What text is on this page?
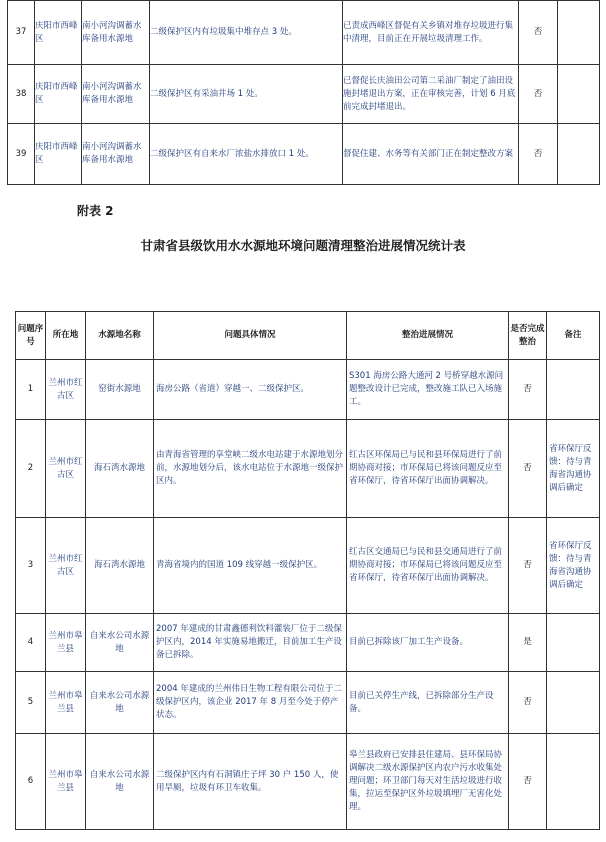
37	庆阳市西峰区	南小河沟调蓄水库备用水源地	二级保护区内有垃圾集中堆存点 3 处。	已责成西峰区督促有关乡镇对堆存垃圾进行集中清理，目前正在开展垃圾清理工作。	否	
38	庆阳市西峰区	南小河沟调蓄水库备用水源地	二级保护区有采油井场 1 处。	已督促长庆油田公司第二采油厂制定了油田设施封堵退出方案，正在审核完善，计划 6 月底前完成封堵退出。	否	
39	庆阳市西峰区	南小河沟调蓄水库备用水源地	二级保护区有自来水厂浓盐水排放口 1 处。	督促住建、水务等有关部门正在制定整改方案	否	
附表 2
甘肃省县级饮用水水源地环境问题清理整治进展情况统计表
问题序号	所在地	水源地名称	问题具体情况	整治进展情况	是否完成整治	备注
1	兰州市红古区	窑街水源地	海房公路（省道）穿越一、二级保护区。	S301 海房公路大通河 2 号桥穿越水源问题整改设计已完成，整改施工队已入场施工。	否	
2	兰州市红古区	海石湾水源地	由青海省管理的享堂峡二级水电站建于水源地划分前，水源地划分后，该水电站位于水源地一级保护区内。	红古区环保局已与民和县环保局进行了前期协商对接；市环保局已将该问题反应至省环保厅，待省环保厅出面协调解决。	否	省环保厅反馈：待与青海省沟通协调后确定
3	兰州市红古区	海石湾水源地	青海省境内的国道 109 线穿越一级保护区。	红古区交通局已与民和县交通局进行了前期协商对接；市环保局已将该问题反应至省环保厅，待省环保厅出面协调解决。	否	省环保厅反馈：待与青海省沟通协调后确定
4	兰州市皋兰县	自来水公司水源地	2007 年建成的甘肃鑫德利饮料灌装厂位于二级保护区内，2014 年实施易地搬迁，目前加工生产设备已拆除。	目前已拆除该厂加工生产设备。	是	
5	兰州市皋兰县	自来水公司水源地	2004 年建成的兰州伟日生物工程有限公司位于二级保护区内，该企业 2017 年 8 月至今处于停产状态。	目前已关停生产线，已拆除部分生产设备。	否	
6	兰州市皋兰县	自来水公司水源地	二级保护区内有石洞镇庄子坪 30 户 150 人，使用旱厕，垃圾有环卫车收集。	皋兰县政府已安排县住建局、县环保局协调解决二级水源保护区内农户污水收集处理问题；环卫部门每天对生活垃圾进行收集，拉运至保护区外垃圾填埋厂无害化处理。	否	
